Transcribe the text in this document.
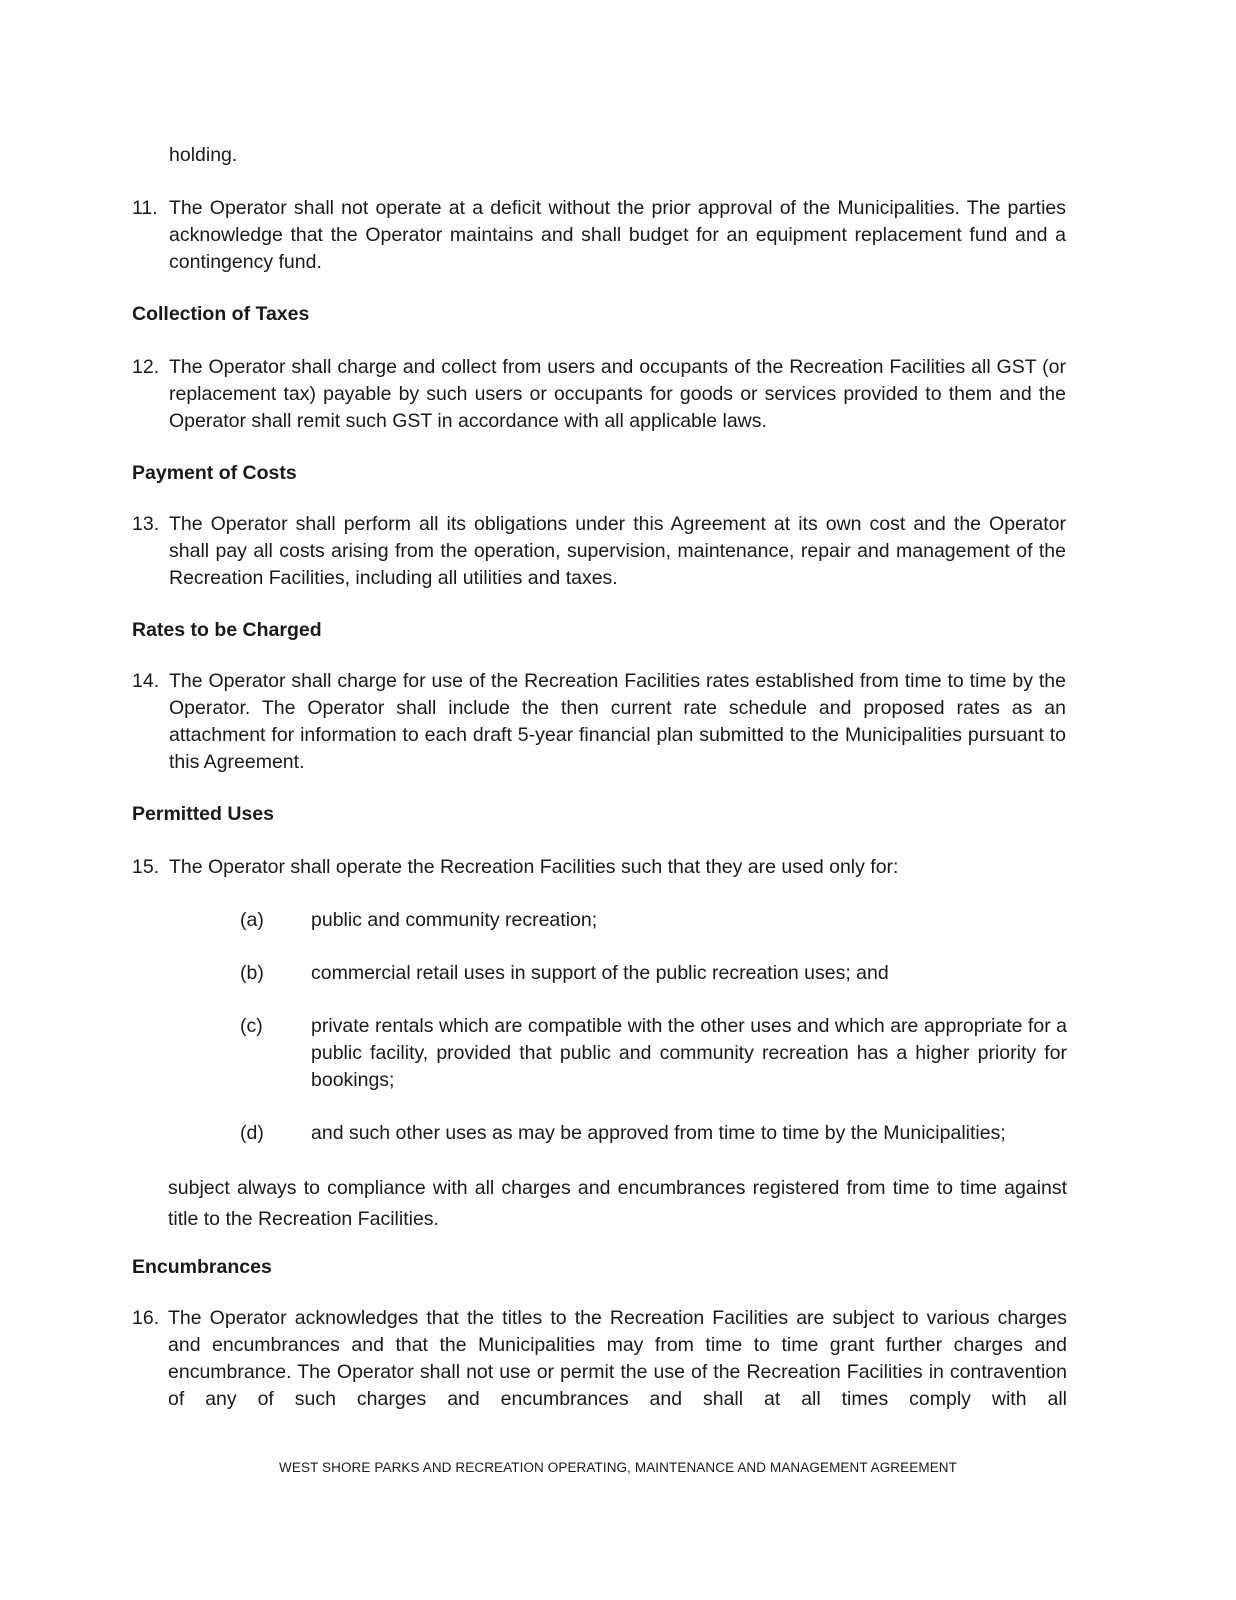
holding.
11. The Operator shall not operate at a deficit without the prior approval of the Municipalities. The parties acknowledge that the Operator maintains and shall budget for an equipment replacement fund and a contingency fund.
Collection of Taxes
12. The Operator shall charge and collect from users and occupants of the Recreation Facilities all GST (or replacement tax) payable by such users or occupants for goods or services provided to them and the Operator shall remit such GST in accordance with all applicable laws.
Payment of Costs
13. The Operator shall perform all its obligations under this Agreement at its own cost and the Operator shall pay all costs arising from the operation, supervision, maintenance, repair and management of the Recreation Facilities, including all utilities and taxes.
Rates to be Charged
14. The Operator shall charge for use of the Recreation Facilities rates established from time to time by the Operator. The Operator shall include the then current rate schedule and proposed rates as an attachment for information to each draft 5-year financial plan submitted to the Municipalities pursuant to this Agreement.
Permitted Uses
15. The Operator shall operate the Recreation Facilities such that they are used only for:
(a) public and community recreation;
(b) commercial retail uses in support of the public recreation uses; and
(c) private rentals which are compatible with the other uses and which are appropriate for a public facility, provided that public and community recreation has a higher priority for bookings;
(d) and such other uses as may be approved from time to time by the Municipalities;
subject always to compliance with all charges and encumbrances registered from time to time against title to the Recreation Facilities.
Encumbrances
16. The Operator acknowledges that the titles to the Recreation Facilities are subject to various charges and encumbrances and that the Municipalities may from time to time grant further charges and encumbrance. The Operator shall not use or permit the use of the Recreation Facilities in contravention of any of such charges and encumbrances and shall at all times comply with all
WEST SHORE PARKS AND RECREATION OPERATING, MAINTENANCE AND MANAGEMENT AGREEMENT
